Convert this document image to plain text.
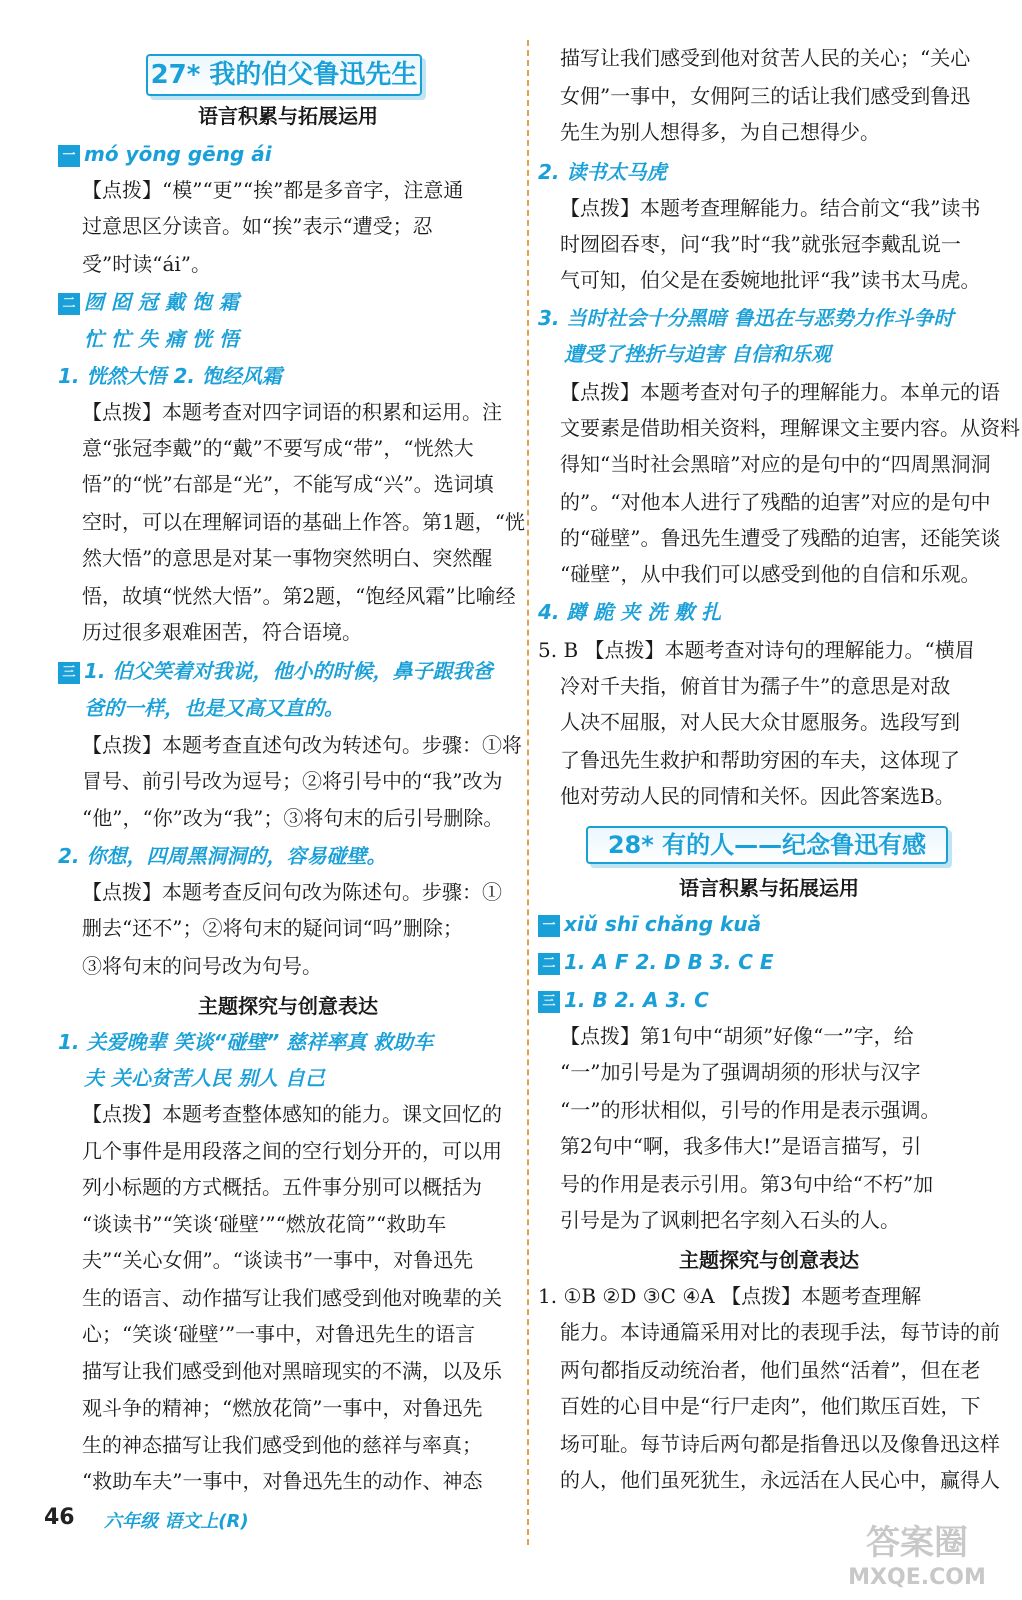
27* 我的伯父鲁迅先生
语言积累与拓展运用
一 mó yōng gēng ái
【点拨】“模”“更”“挨”都是多音字，注意通
过意思区分读音。如“挨”表示“遭受；忍
受”时读“ái”。
二 囫 囵 冠 戴 饱 霜
忙 忙 失 痛 恍 悟
1. 恍然大悟 2. 饱经风霜
【点拨】本题考查对四字词语的积累和运用。注
意“张冠李戴”的“戴”不要写成“带”，“恍然大
悟”的“恍”右部是“光”，不能写成“兴”。选词填
空时，可以在理解词语的基础上作答。第1题，“恍
然大悟”的意思是对某一事物突然明白、突然醒
悟，故填“恍然大悟”。第2题，“饱经风霜”比喻经
历过很多艰难困苦，符合语境。
三 1. 伯父笑着对我说，他小的时候，鼻子跟我爸
爸的一样，也是又高又直的。
【点拨】本题考查直述句改为转述句。步骤：①将
冒号、前引号改为逗号；②将引号中的“我”改为
“他”，“你”改为“我”；③将句末的后引号删除。
2. 你想，四周黑洞洞的，容易碰壁。
【点拨】本题考查反问句改为陈述句。步骤：①
删去“还不”；②将句末的疑问词“吗”删除；
③将句末的问号改为句号。
主题探究与创意表达
1. 关爱晚辈 笑谈“碰壁” 慈祥率真 救助车
夫 关心贫苦人民 别人 自己
【点拨】本题考查整体感知的能力。课文回忆的
几个事件是用段落之间的空行划分开的，可以用
列小标题的方式概括。五件事分别可以概括为
“谈读书”“笑谈‘碰壁’”“燃放花筒”“救助车
夫”“关心女佣”。“谈读书”一事中，对鲁迅先
生的语言、动作描写让我们感受到他对晚辈的关
心；“笑谈‘碰壁’”一事中，对鲁迅先生的语言
描写让我们感受到他对黑暗现实的不满，以及乐
观斗争的精神；“燃放花筒”一事中，对鲁迅先
生的神态描写让我们感受到他的慈祥与率真；
“救助车夫”一事中，对鲁迅先生的动作、神态
描写让我们感受到他对贫苦人民的关心；“关心
女佣”一事中，女佣阿三的话让我们感受到鲁迅
先生为别人想得多，为自己想得少。
2. 读书太马虎
【点拨】本题考查理解能力。结合前文“我”读书
时囫囵吞枣，问“我”时“我”就张冠李戴乱说一
气可知，伯父是在委婉地批评“我”读书太马虎。
3. 当时社会十分黑暗 鲁迅在与恶势力作斗争时
遭受了挫折与迫害 自信和乐观
【点拨】本题考查对句子的理解能力。本单元的语
文要素是借助相关资料，理解课文主要内容。从资料
得知“当时社会黑暗”对应的是句中的“四周黑洞洞
的”。“对他本人进行了残酷的迫害”对应的是句中
的“碰壁”。鲁迅先生遭受了残酷的迫害，还能笑谈
“碰壁”，从中我们可以感受到他的自信和乐观。
4. 蹲 跪 夹 洗 敷 扎
5. B 【点拨】本题考查对诗句的理解能力。“横眉
冷对千夫指，俯首甘为孺子牛”的意思是对敌
人决不屈服，对人民大众甘愿服务。选段写到
了鲁迅先生救护和帮助穷困的车夫，这体现了
他对劳动人民的同情和关怀。因此答案选B。
28* 有的人——纪念鲁迅有感
语言积累与拓展运用
一 xiǔ shī chǎng kuǎ
二 1. A F 2. D B 3. C E
三 1. B 2. A 3. C
【点拨】第1句中“胡须”好像“一”字，给
“一”加引号是为了强调胡须的形状与汉字
“一”的形状相似，引号的作用是表示强调。
第2句中“啊，我多伟大!”是语言描写，引
号的作用是表示引用。第3句中给“不朽”加
引号是为了讽刺把名字刻入石头的人。
主题探究与创意表达
1. ①B ②D ③C ④A 【点拨】本题考查理解
能力。本诗通篇采用对比的表现手法，每节诗的前
两句都指反动统治者，他们虽然“活着”，但在老
百姓的心目中是“行尸走肉”，他们欺压百姓，下
场可耻。每节诗后两句都是指鲁迅以及像鲁迅这样
的人，他们虽死犹生，永远活在人民心中，赢得人
46 六年级 语文上(R)
答案圈
MXQE.COM
